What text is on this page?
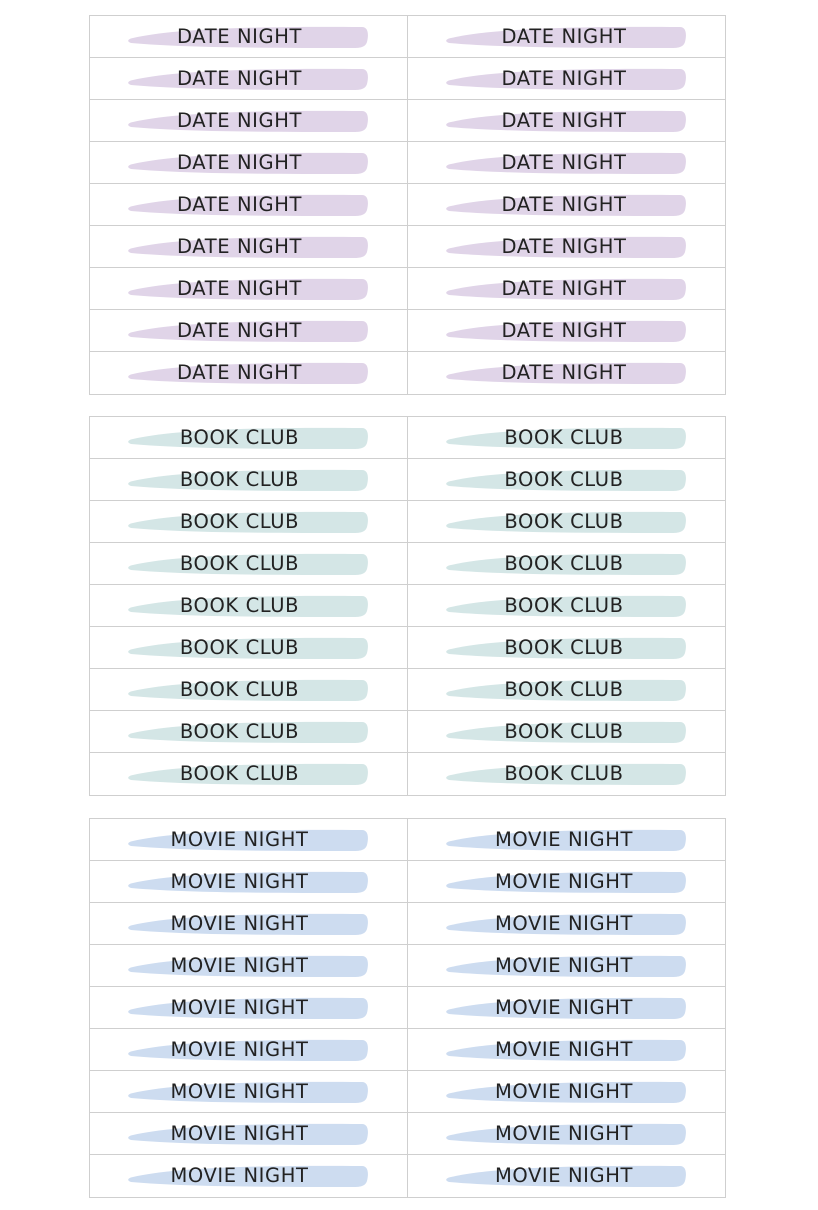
DATE NIGHT	DATE NIGHT
DATE NIGHT	DATE NIGHT
DATE NIGHT	DATE NIGHT
DATE NIGHT	DATE NIGHT
DATE NIGHT	DATE NIGHT
DATE NIGHT	DATE NIGHT
DATE NIGHT	DATE NIGHT
DATE NIGHT	DATE NIGHT
DATE NIGHT	DATE NIGHT
BOOK CLUB	BOOK CLUB
BOOK CLUB	BOOK CLUB
BOOK CLUB	BOOK CLUB
BOOK CLUB	BOOK CLUB
BOOK CLUB	BOOK CLUB
BOOK CLUB	BOOK CLUB
BOOK CLUB	BOOK CLUB
BOOK CLUB	BOOK CLUB
BOOK CLUB	BOOK CLUB
MOVIE NIGHT	MOVIE NIGHT
MOVIE NIGHT	MOVIE NIGHT
MOVIE NIGHT	MOVIE NIGHT
MOVIE NIGHT	MOVIE NIGHT
MOVIE NIGHT	MOVIE NIGHT
MOVIE NIGHT	MOVIE NIGHT
MOVIE NIGHT	MOVIE NIGHT
MOVIE NIGHT	MOVIE NIGHT
MOVIE NIGHT	MOVIE NIGHT
